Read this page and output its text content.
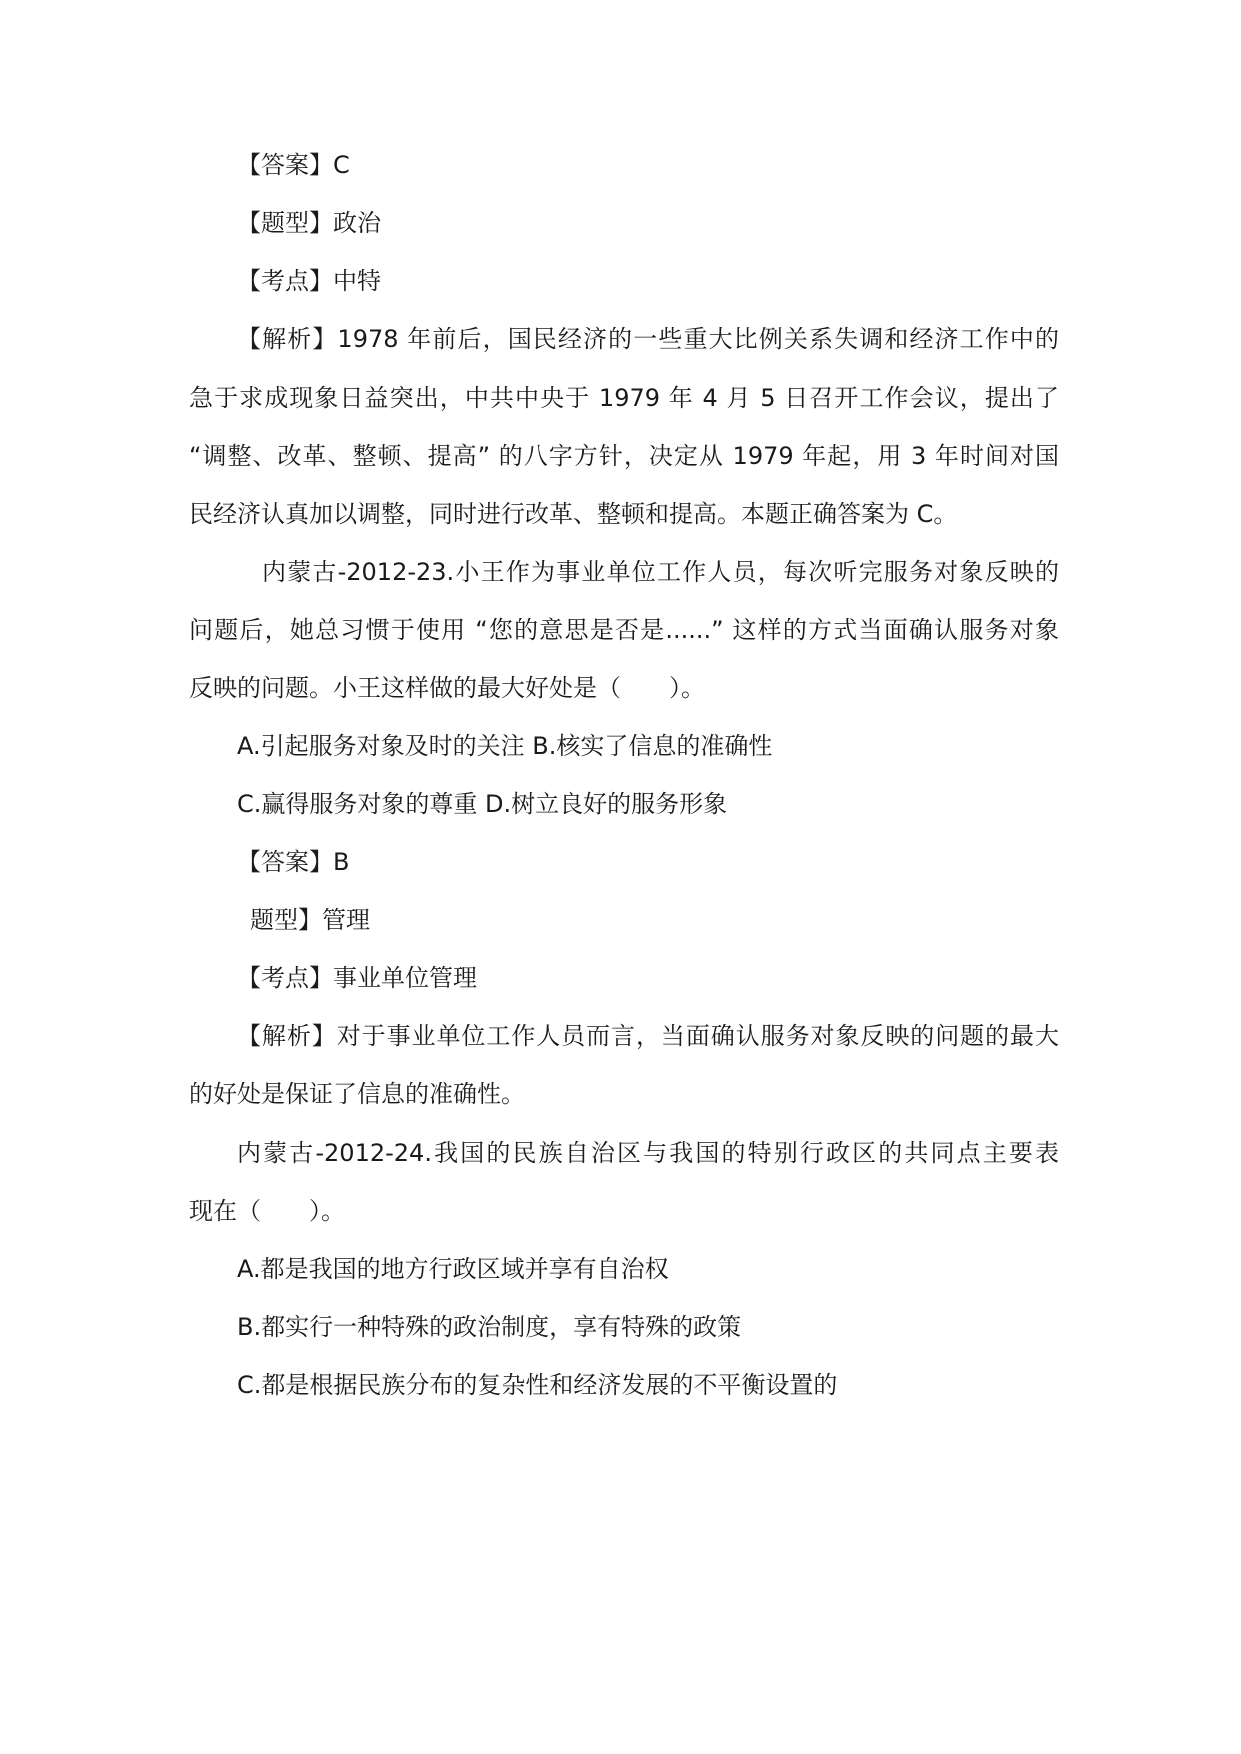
【答案】C
【题型】政治
【考点】中特
【解析】1978 年前后，国民经济的一些重大比例关系失调和经济工作中的
急于求成现象日益突出，中共中央于 1979 年 4 月 5 日召开工作会议，提出了
“调整、改革、整顿、提高” 的八字方针，决定从 1979 年起，用 3 年时间对国
民经济认真加以调整，同时进行改革、整顿和提高。本题正确答案为 C。
内蒙古-2012-23.小王作为事业单位工作人员，每次听完服务对象反映的
问题后，她总习惯于使用 “您的意思是否是......” 这样的方式当面确认服务对象
反映的问题。小王这样做的最大好处是（　　）。
A.引起服务对象及时的关注 B.核实了信息的准确性
C.赢得服务对象的尊重 D.树立良好的服务形象
【答案】B
题型】管理
【考点】事业单位管理
【解析】对于事业单位工作人员而言，当面确认服务对象反映的问题的最大
的好处是保证了信息的准确性。
内蒙古-2012-24.我国的民族自治区与我国的特别行政区的共同点主要表
现在（　　）。
A.都是我国的地方行政区域并享有自治权
B.都实行一种特殊的政治制度，享有特殊的政策
C.都是根据民族分布的复杂性和经济发展的不平衡设置的
